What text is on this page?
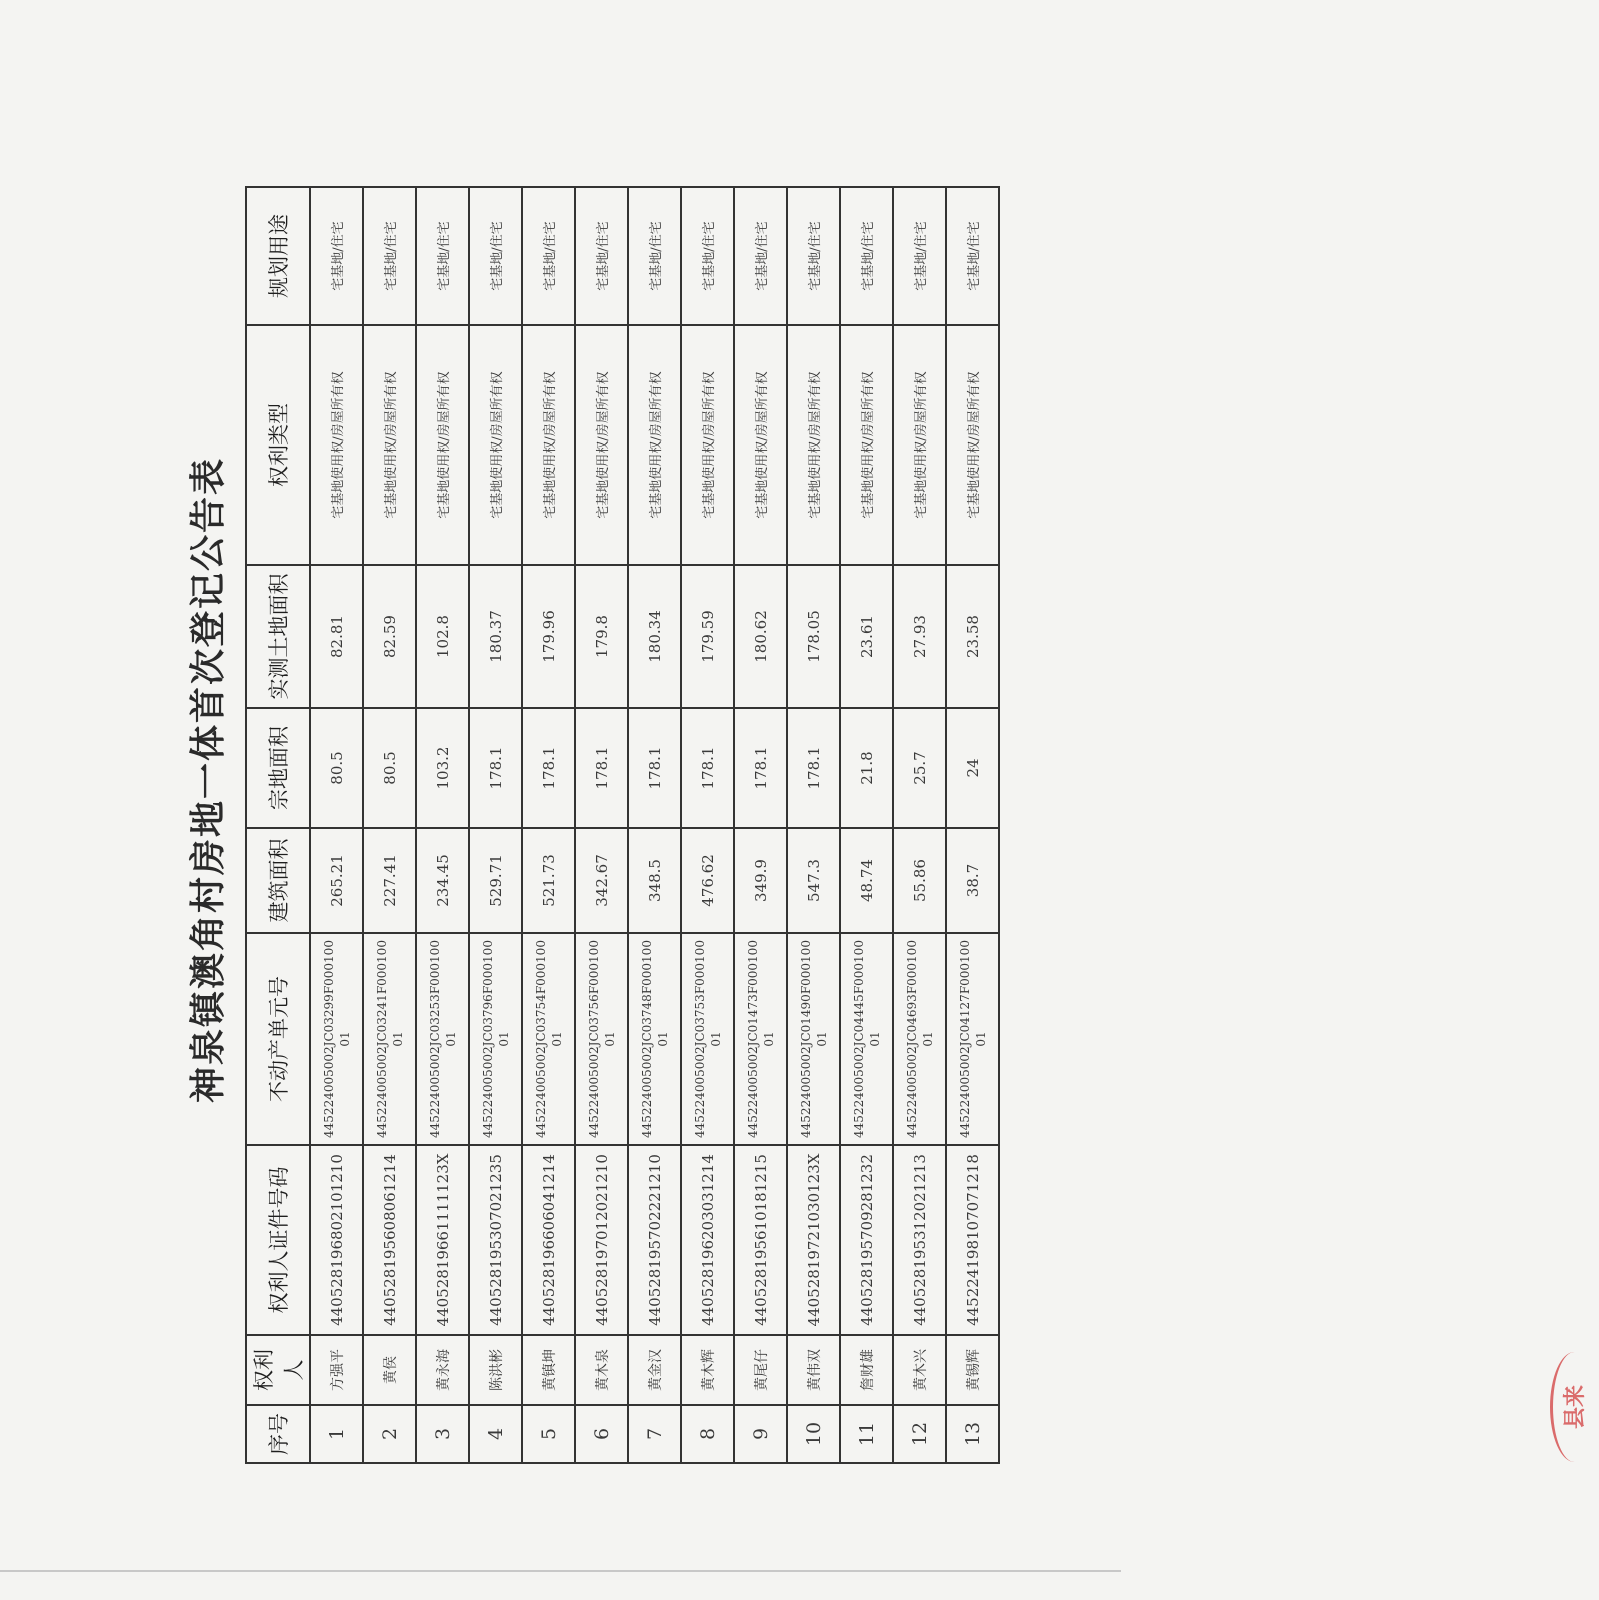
神泉镇澳角村房地一体首次登记公告表
序号	权利人	权利人证件号码	不动产单元号	建筑面积	宗地面积	实测土地面积	权利类型	规划用途
1	方强平	440528196802101210	445224005002JC03299F00010001	265.21	80.5	82.81	宅基地使用权/房屋所有权	宅基地/住宅
2	黄侯	440528195608061214	445224005002JC03241F00010001	227.41	80.5	82.59	宅基地使用权/房屋所有权	宅基地/住宅
3	黄永海	44052819661111123X	445224005002JC03253F00010001	234.45	103.2	102.8	宅基地使用权/房屋所有权	宅基地/住宅
4	陈洪彬	440528195307021235	445224005002JC03796F00010001	529.71	178.1	180.37	宅基地使用权/房屋所有权	宅基地/住宅
5	黄镇坤	440528196606041214	445224005002JC03754F00010001	521.73	178.1	179.96	宅基地使用权/房屋所有权	宅基地/住宅
6	黄木泉	440528197012021210	445224005002JC03756F00010001	342.67	178.1	179.8	宅基地使用权/房屋所有权	宅基地/住宅
7	黄金汉	440528195702221210	445224005002JC03748F00010001	348.5	178.1	180.34	宅基地使用权/房屋所有权	宅基地/住宅
8	黄木辉	440528196203031214	445224005002JC03753F00010001	476.62	178.1	179.59	宅基地使用权/房屋所有权	宅基地/住宅
9	黄尾仔	440528195610181215	445224005002JC01473F00010001	349.9	178.1	180.62	宅基地使用权/房屋所有权	宅基地/住宅
10	黄伟双	44052819721030123X	445224005002JC01490F00010001	547.3	178.1	178.05	宅基地使用权/房屋所有权	宅基地/住宅
11	詹财雄	440528195709281232	445224005002JC04445F00010001	48.74	21.8	23.61	宅基地使用权/房屋所有权	宅基地/住宅
12	黄木兴	440528195312021213	445224005002JC04693F00010001	55.86	25.7	27.93	宅基地使用权/房屋所有权	宅基地/住宅
13	黄锡辉	445224198107071218	445224005002JC04127F00010001	38.7	24	23.58	宅基地使用权/房屋所有权	宅基地/住宅
县来
